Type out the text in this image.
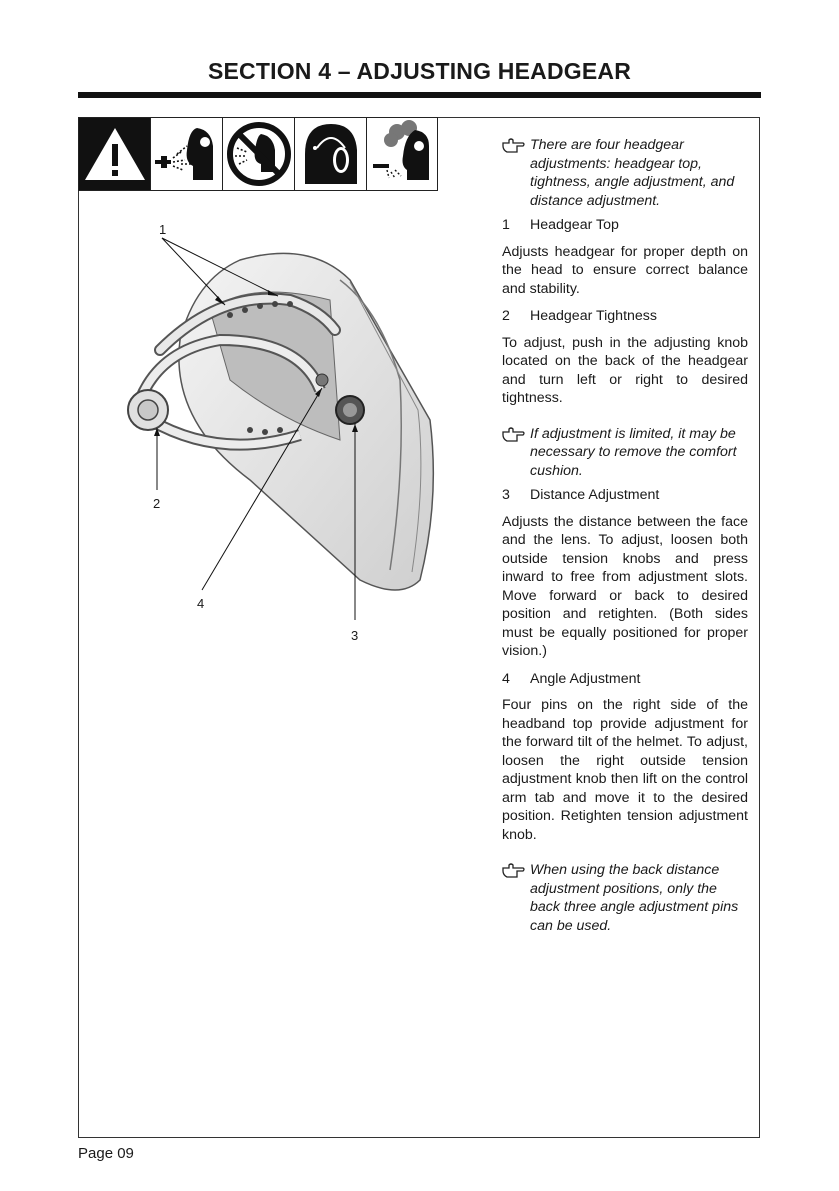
SECTION 4 – ADJUSTING HEADGEAR
1
2
4
3
There are four headgear adjustments: headgear top, tightness, angle adjustment, and distance adjustment.
1	Headgear Top
Adjusts headgear for proper depth on the head to ensure correct balance and stability.
2	Headgear Tightness
To adjust, push in the adjusting knob located on the back of the headgear and turn left or right to desired tightness.
If adjustment is limited, it may be necessary to remove the comfort cushion.
3	Distance Adjustment
Adjusts the distance between the face and the lens. To adjust, loosen both outside tension knobs and press inward to free from adjustment slots. Move forward or back to desired position and retighten. (Both sides must be equally positioned for proper vision.)
4	Angle Adjustment
Four pins on the right side of the headband top provide adjustment for the forward tilt of the helmet. To adjust, loosen the right outside tension adjustment knob then lift on the control arm tab and move it to the desired position. Retighten tension adjustment knob.
When using the back distance adjustment positions, only the back three angle adjustment pins can be used.
Page 09
